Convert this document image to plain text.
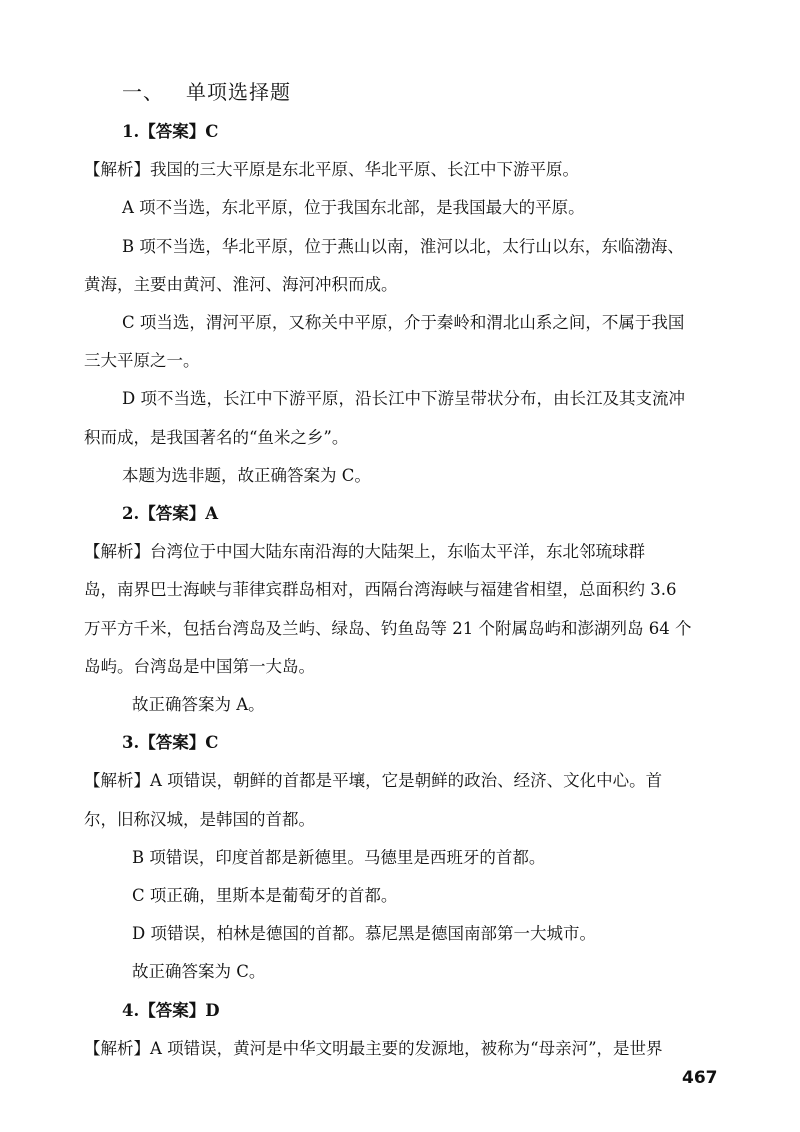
一、 单项选择题
1.【答案】C
【解析】我国的三大平原是东北平原、华北平原、长江中下游平原。
A 项不当选，东北平原，位于我国东北部，是我国最大的平原。
B 项不当选，华北平原，位于燕山以南，淮河以北，太行山以东，东临渤海、
黄海，主要由黄河、淮河、海河冲积而成。
C 项当选，渭河平原，又称关中平原，介于秦岭和渭北山系之间，不属于我国
三大平原之一。
D 项不当选，长江中下游平原，沿长江中下游呈带状分布，由长江及其支流冲
积而成，是我国著名的“鱼米之乡”。
本题为选非题，故正确答案为 C。
2.【答案】A
【解析】台湾位于中国大陆东南沿海的大陆架上，东临太平洋，东北邻琉球群
岛，南界巴士海峡与菲律宾群岛相对，西隔台湾海峡与福建省相望，总面积约 3.6
万平方千米，包括台湾岛及兰屿、绿岛、钓鱼岛等 21 个附属岛屿和澎湖列岛 64 个
岛屿。台湾岛是中国第一大岛。
故正确答案为 A。
3.【答案】C
【解析】A 项错误，朝鲜的首都是平壤，它是朝鲜的政治、经济、文化中心。首
尔，旧称汉城，是韩国的首都。
B 项错误，印度首都是新德里。马德里是西班牙的首都。
C 项正确，里斯本是葡萄牙的首都。
D 项错误，柏林是德国的首都。慕尼黑是德国南部第一大城市。
故正确答案为 C。
4.【答案】D
【解析】A 项错误，黄河是中华文明最主要的发源地，被称为“母亲河”，是世界
467
